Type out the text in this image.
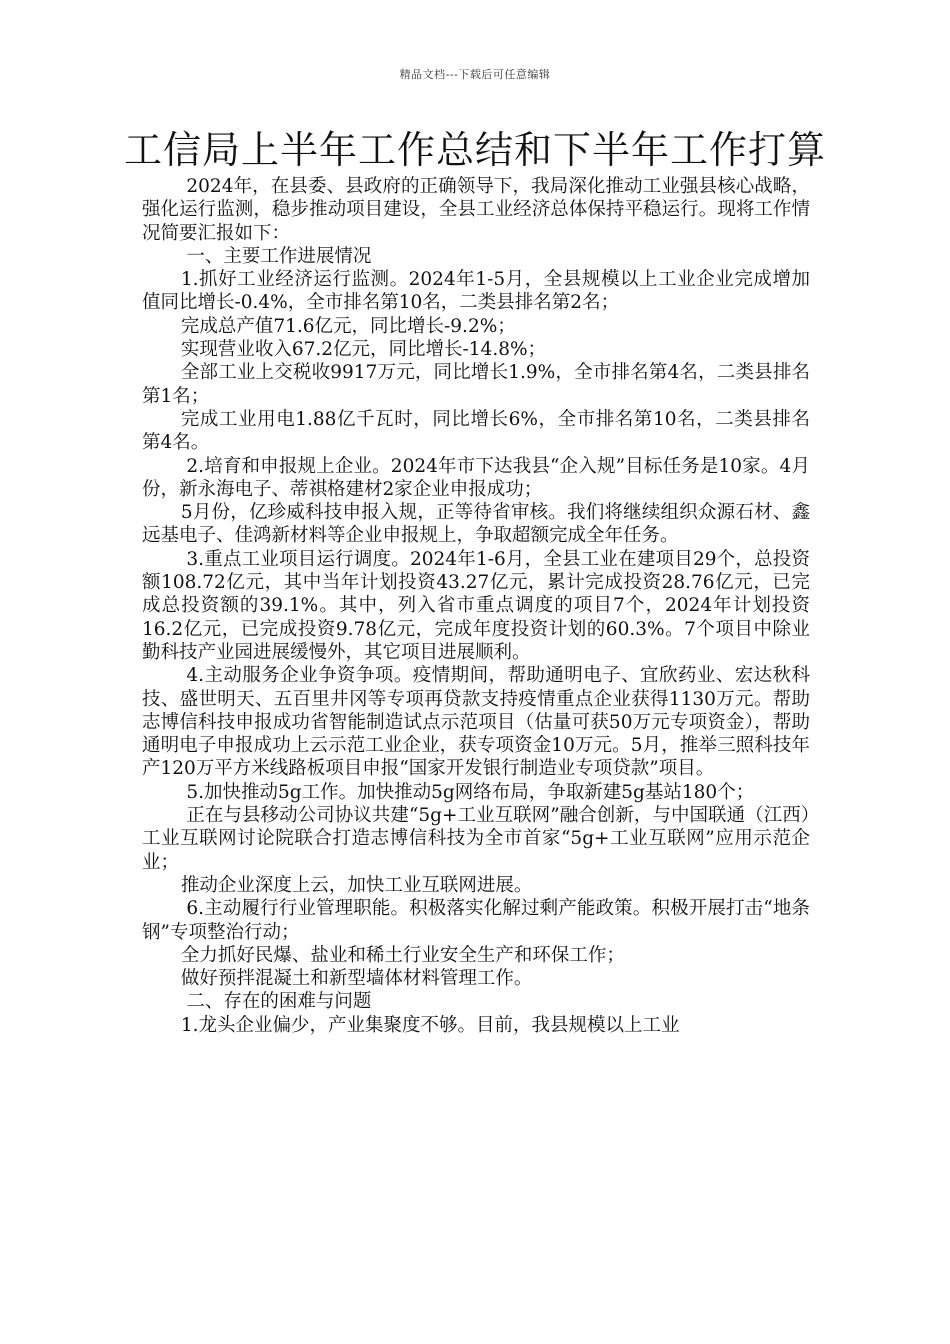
精品文档---下载后可任意编辑
工信局上半年工作总结和下半年工作打算

2024年，在县委、县政府的正确领导下，我局深化推动工业强县核心战略，强化运行监测，稳步推动项目建设，全县工业经济总体保持平稳运行。现将工作情况简要汇报如下：

一、主要工作进展情况

1.抓好工业经济运行监测。2024年1-5月，全县规模以上工业企业完成增加值同比增长-0.4%，全市排名第10名，二类县排名第2名；

完成总产值71.6亿元，同比增长-9.2%；

实现营业收入67.2亿元，同比增长-14.8%；

全部工业上交税收9917万元，同比增长1.9%，全市排名第4名，二类县排名第1名；

完成工业用电1.88亿千瓦时，同比增长6%，全市排名第10名，二类县排名第4名。

2.培育和申报规上企业。2024年市下达我县“企入规”目标任务是10家。4月份，新永海电子、蒂祺格建材2家企业申报成功；

5月份，亿珍威科技申报入规，正等待省审核。我们将继续组织众源石材、鑫远基电子、佳鸿新材料等企业申报规上，争取超额完成全年任务。

3.重点工业项目运行调度。2024年1-6月，全县工业在建项目29个，总投资额108.72亿元，其中当年计划投资43.27亿元，累计完成投资28.76亿元，已完成总投资额的39.1%。其中，列入省市重点调度的项目7个，2024年计划投资16.2亿元，已完成投资9.78亿元，完成年度投资计划的60.3%。7个项目中除业勤科技产业园进展缓慢外，其它项目进展顺利。

4.主动服务企业争资争项。疫情期间，帮助通明电子、宜欣药业、宏达秋科技、盛世明天、五百里井冈等专项再贷款支持疫情重点企业获得1130万元。帮助志博信科技申报成功省智能制造试点示范项目（估量可获50万元专项资金），帮助通明电子申报成功上云示范工业企业，获专项资金10万元。5月，推举三照科技年产120万平方米线路板项目申报“国家开发银行制造业专项贷款”项目。

5.加快推动5g工作。加快推动5g网络布局，争取新建5g基站180个；

正在与县移动公司协议共建“5g+工业互联网”融合创新，与中国联通（江西）工业互联网讨论院联合打造志博信科技为全市首家“5g+工业互联网”应用示范企业；

推动企业深度上云，加快工业互联网进展。

6.主动履行行业管理职能。积极落实化解过剩产能政策。积极开展打击“地条钢”专项整治行动；

全力抓好民爆、盐业和稀土行业安全生产和环保工作；

做好预拌混凝土和新型墙体材料管理工作。

二、存在的困难与问题

1.龙头企业偏少，产业集聚度不够。目前，我县规模以上工业
